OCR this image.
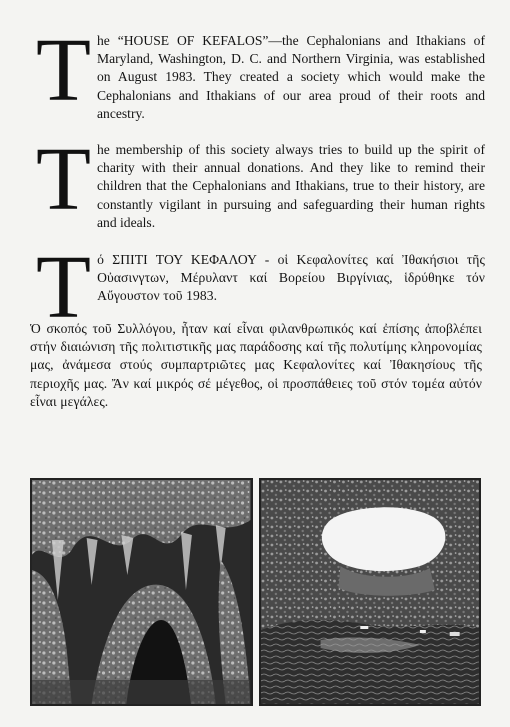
T he “HOUSE OF KEFALOS”—the Cephalonians and Ithakians of Maryland, Washington, D. C. and Northern Virginia, was established on August 1983. They created a society which would make the Cephalonians and Ithakians of our area proud of their roots and ancestry.
T he membership of this society always tries to build up the spirit of charity with their annual donations. And they like to remind their children that the Cephalonians and Ithakians, true to their history, are constantly vigilant in pursuing and safeguarding their human rights and ideals.
T ό ΣΠΙΤΙ ΤΟΥ ΚΕΦΑΛΟΥ - οἱ Κεφαλονίτες καί Ἰθακήσιοι τῆς Οὐασινγτων, Μέρυλαντ καί Βορείου Βιργίνιας, ἱδρύθηκε τόν Αὔγουστον τοῦ 1983.
Ὁ σκοπός τοῦ Συλλόγου, ἦταν καί εἶναι φιλανθρωπικός καί ἐπίσης ἀποβλέπει στήν διαιώνιση τῆς πολιτιστικῆς μας παράδοσης καί τῆς πολυτίμης κληρονομίας μας, ἀνάμεσα στούς συμπαρτριῶτες μας Κεφαλονίτες καί Ἰθακησίους τῆς περιοχῆς μας. Ἄν καί μικρός σέ μέγεθος, οἱ προσπάθειες τοῦ στόν τομέα αὐτόν εἶναι μεγάλες.
